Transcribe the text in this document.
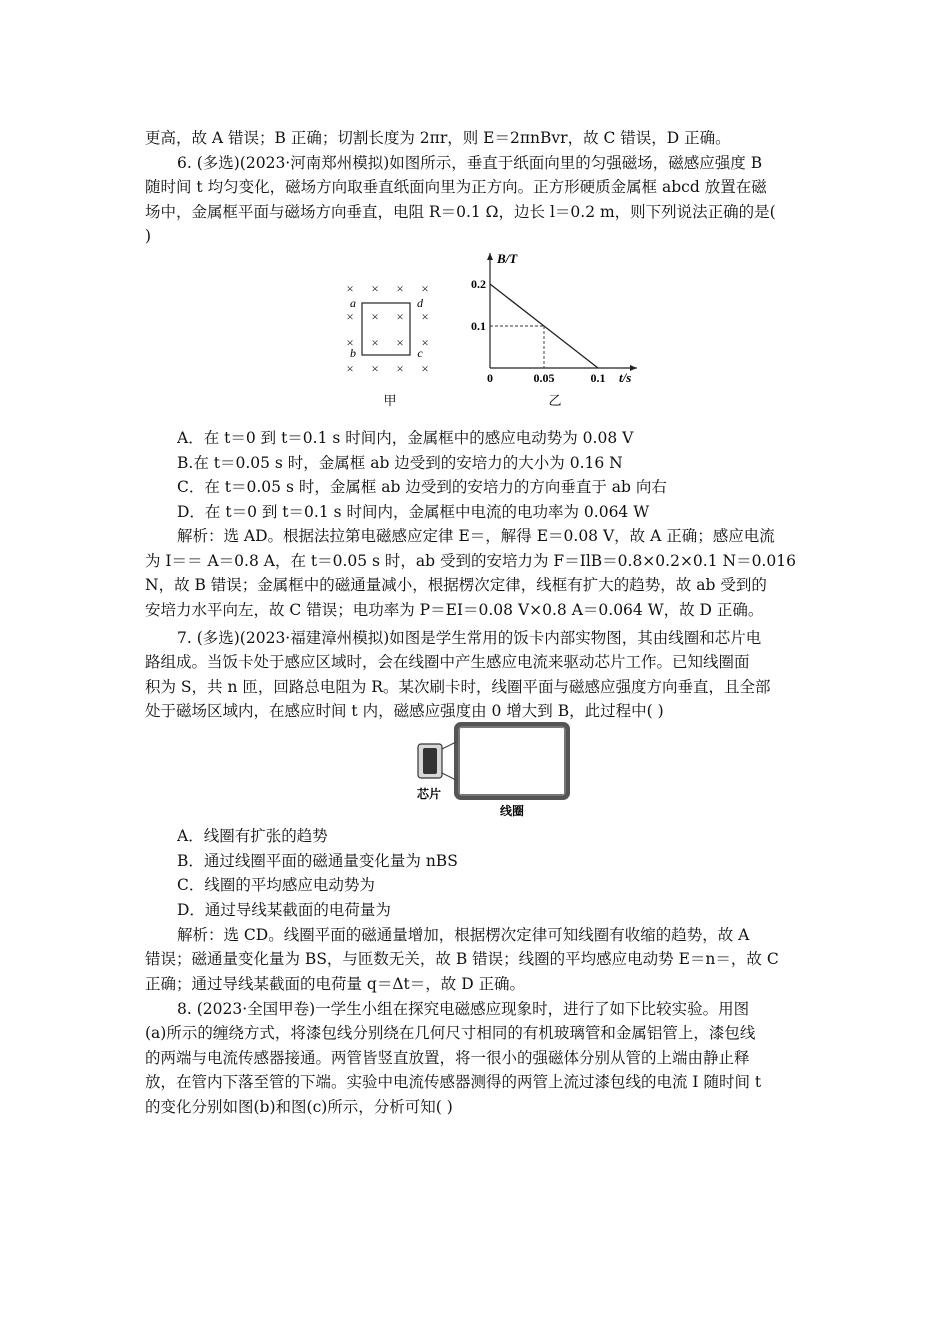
更高，故 A 错误；B 正确；切割长度为 2πr，则 E＝2πnBvr，故 C 错误，D 正确。
6. (多选)(2023·河南郑州模拟)如图所示，垂直于纸面向里的匀强磁场，磁感应强度 B
随时间 t 均匀变化，磁场方向取垂直纸面向里为正方向。正方形硬质金属框 abcd 放置在磁
场中，金属框平面与磁场方向垂直，电阻 R＝0.1 Ω，边长 l＝0.2 m，则下列说法正确的是(
)
× × × ×
× × × ×
× × × ×
× × × ×
a	d
b	c
甲
B/T
t/s
0.2
0.1
0	0.05	0.1
乙
A．在 t＝0 到 t＝0.1 s 时间内，金属框中的感应电动势为 0.08 V
B.在 t＝0.05 s 时，金属框 ab 边受到的安培力的大小为 0.16 N
C．在 t＝0.05 s 时，金属框 ab 边受到的安培力的方向垂直于 ab 向右
D．在 t＝0 到 t＝0.1 s 时间内，金属框中电流的电功率为 0.064 W
解析：选 AD。根据法拉第电磁感应定律 E＝，解得 E＝0.08 V，故 A 正确；感应电流
为 I＝＝ A＝0.8 A，在 t＝0.05 s 时，ab 受到的安培力为 F＝IlB＝0.8×0.2×0.1 N＝0.016
N，故 B 错误；金属框中的磁通量减小，根据楞次定律，线框有扩大的趋势，故 ab 受到的
安培力水平向左，故 C 错误；电功率为 P＝EI＝0.08 V×0.8 A＝0.064 W，故 D 正确。
7. (多选)(2023·福建漳州模拟)如图是学生常用的饭卡内部实物图，其由线圈和芯片电
路组成。当饭卡处于感应区域时，会在线圈中产生感应电流来驱动芯片工作。已知线圈面
积为 S，共 n 匝，回路总电阻为 R。某次刷卡时，线圈平面与磁感应强度方向垂直，且全部
处于磁场区域内，在感应时间 t 内，磁感应强度由 0 增大到 B，此过程中( )
芯片
线圈
A．线圈有扩张的趋势
B．通过线圈平面的磁通量变化量为 nBS
C．线圈的平均感应电动势为
D．通过导线某截面的电荷量为
解析：选 CD。线圈平面的磁通量增加，根据楞次定律可知线圈有收缩的趋势，故 A
错误；磁通量变化量为 BS，与匝数无关，故 B 错误；线圈的平均感应电动势 E＝n＝，故 C
正确；通过导线某截面的电荷量 q＝Δt＝，故 D 正确。
8. (2023·全国甲卷)一学生小组在探究电磁感应现象时，进行了如下比较实验。用图
(a)所示的缠绕方式，将漆包线分别绕在几何尺寸相同的有机玻璃管和金属铝管上，漆包线
的两端与电流传感器接通。两管皆竖直放置，将一很小的强磁体分别从管的上端由静止释
放，在管内下落至管的下端。实验中电流传感器测得的两管上流过漆包线的电流 I 随时间 t
的变化分别如图(b)和图(c)所示，分析可知( )
